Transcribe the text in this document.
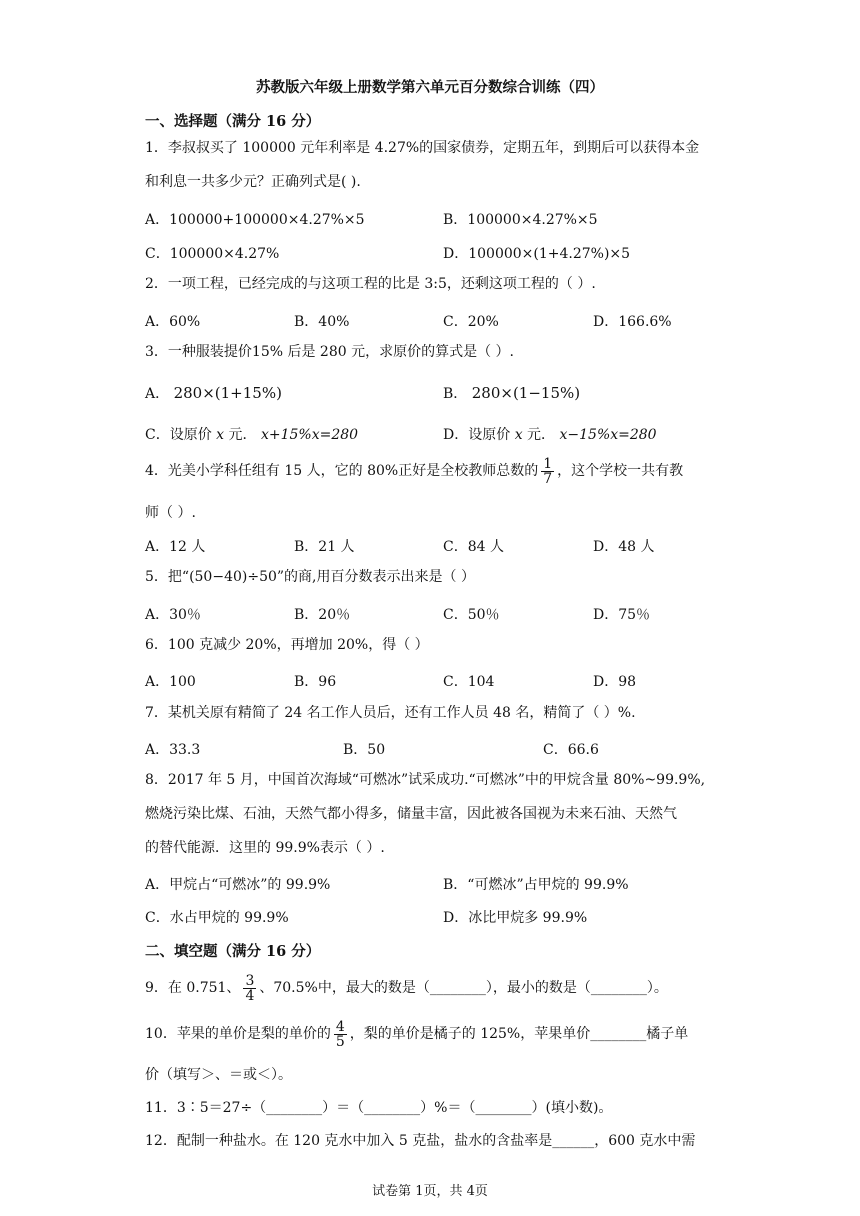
苏教版六年级上册数学第六单元百分数综合训练（四）
一、选择题（满分 16 分）

1．李叔叔买了 100000 元年利率是 4.27%的国家债券，定期五年，到期后可以获得本金

和利息一共多少元？正确列式是( ).

A．100000+100000×4.27%×5	B．100000×4.27%×5
C．100000×4.27%	D．100000×(1+4.27%)×5

2．一项工程，已经完成的与这项工程的比是 3:5，还剩这项工程的（ ）.

A．60%	B．40%	C．20%	D．166.6%

3．一种服装提价15% 后是 280 元，求原价的算式是（ ）.

A． 280×(1+15%)	B． 280×(1−15%)
C．设原价 x 元． x+15%x=280	D．设原价 x 元． x−15%x=280

4．光美小学科任组有 15 人，它的 80%正好是全校教师总数的 $\frac{1}{7}$ ，这个学校一共有教

师（ ）.

A．12 人	B．21 人	C．84 人	D．48 人

5．把“(50−40)÷50”的商,用百分数表示出来是（ ）

A．30％	B．20％	C．50％	D．75％

6．100 克减少 20%，再增加 20%，得（ ）

A．100	B．96	C．104	D．98

7．某机关原有精简了 24 名工作人员后，还有工作人员 48 名，精简了（ ）%.

A．33.3	B．50	C．66.6

8．2017 年 5 月，中国首次海域“可燃冰”试采成功.“可燃冰”中的甲烷含量 80%~99.9%,

燃烧污染比煤、石油，天然气都小得多，储量丰富，因此被各国视为未来石油、天然气

的替代能源．这里的 99.9%表示（ ）.

A．甲烷占“可燃冰”的 99.9%	B．“可燃冰”占甲烷的 99.9%
C．水占甲烷的 99.9%	D．冰比甲烷多 99.9%
二、填空题（满分 16 分）

9．在 0.751、 $\frac{3}{4}$ 、70.5%中，最大的数是（________），最小的数是（________）。

10．苹果的单价是梨的单价的 $\frac{4}{5}$ ，梨的单价是橘子的 125%，苹果单价________橘子单

价（填写＞、＝或＜）。

11．3∶5＝27÷（________）＝（________）%＝（________）(填小数)。

12．配制一种盐水。在 120 克水中加入 5 克盐，盐水的含盐率是______，600 克水中需

试卷第 1页，共 4页
